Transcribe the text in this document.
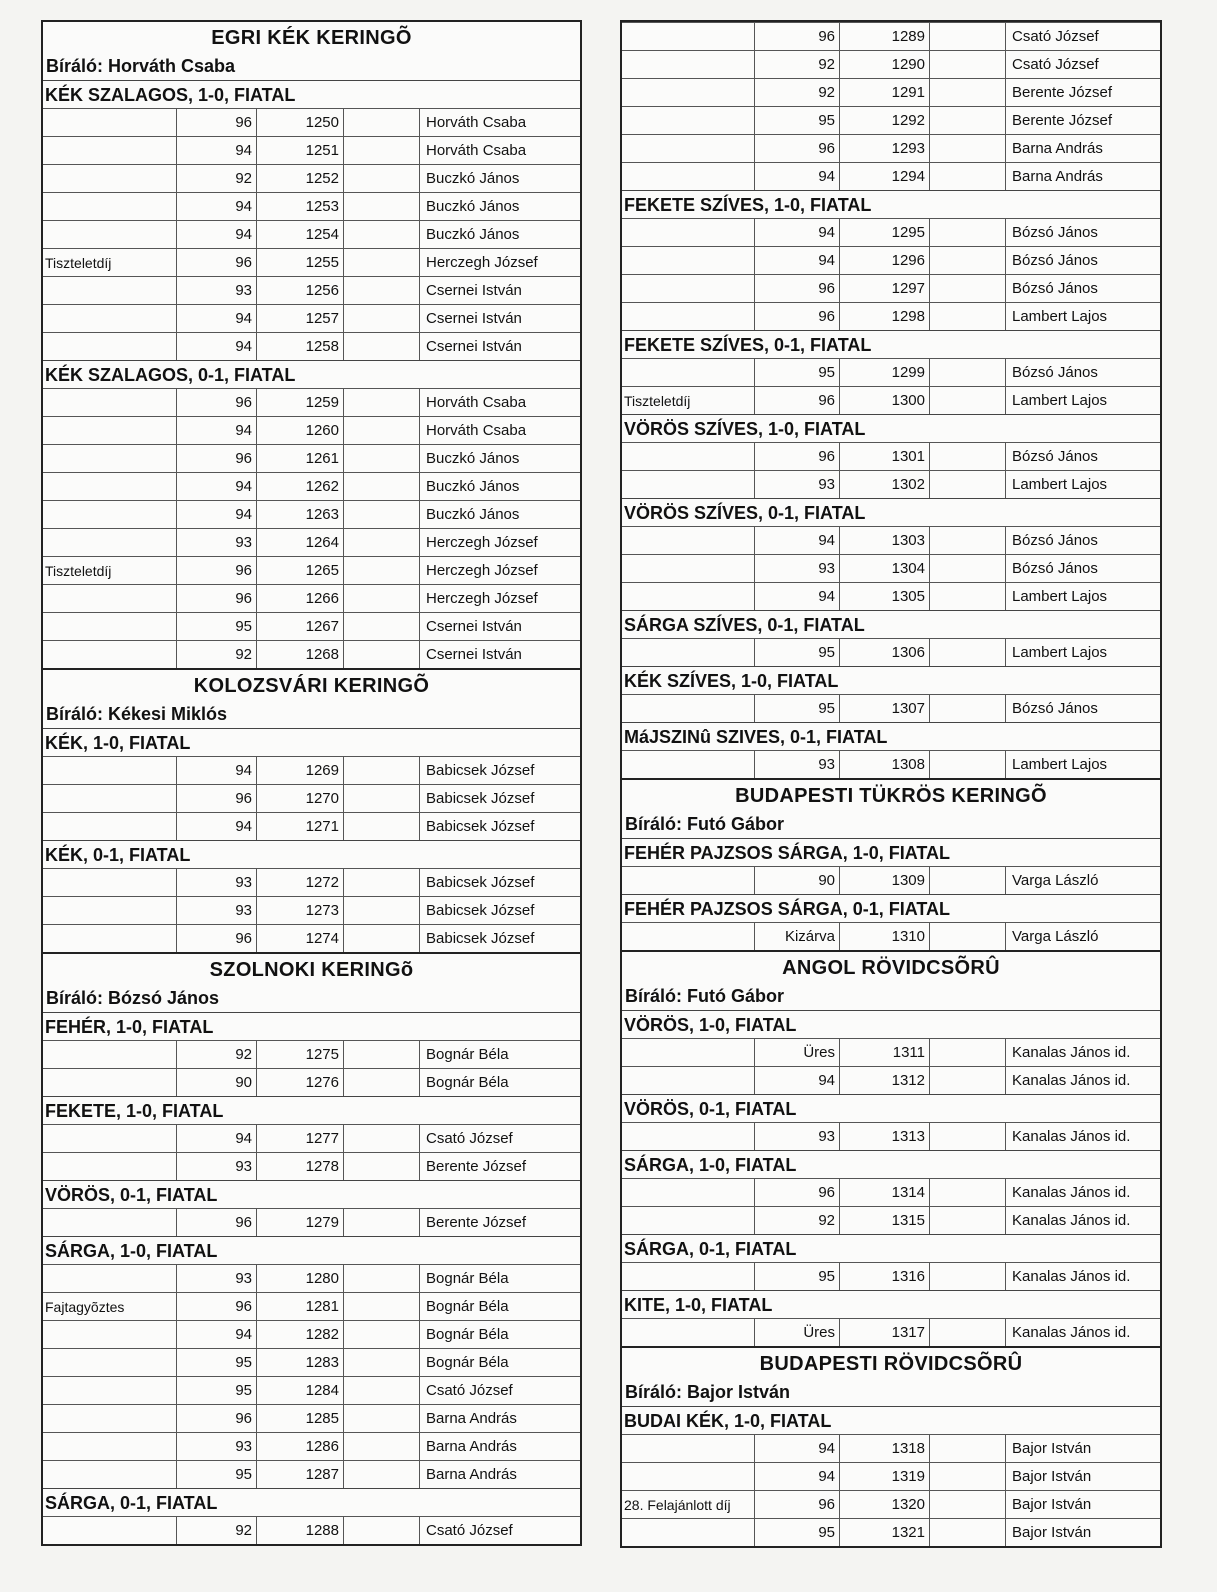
EGRI KÉK KERINGÕ
Bíráló: Horváth Csaba
KÉK SZALAGOS, 1-0, FIATAL
96	1250	Horváth Csaba
94	1251	Horváth Csaba
92	1252	Buczkó János
94	1253	Buczkó János
94	1254	Buczkó János
Tiszteletdíj	96	1255	Herczegh József
93	1256	Csernei István
94	1257	Csernei István
94	1258	Csernei István
KÉK SZALAGOS, 0-1, FIATAL
96	1259	Horváth Csaba
94	1260	Horváth Csaba
96	1261	Buczkó János
94	1262	Buczkó János
94	1263	Buczkó János
93	1264	Herczegh József
Tiszteletdíj	96	1265	Herczegh József
96	1266	Herczegh József
95	1267	Csernei István
92	1268	Csernei István
KOLOZSVÁRI KERINGÕ
Bíráló: Kékesi Miklós
KÉK, 1-0, FIATAL
94	1269	Babicsek József
96	1270	Babicsek József
94	1271	Babicsek József
KÉK, 0-1, FIATAL
93	1272	Babicsek József
93	1273	Babicsek József
96	1274	Babicsek József
SZOLNOKI KERINGõ
Bíráló: Bózsó János
FEHÉR, 1-0, FIATAL
92	1275	Bognár Béla
90	1276	Bognár Béla
FEKETE, 1-0, FIATAL
94	1277	Csató József
93	1278	Berente József
VÖRÖS, 0-1, FIATAL
96	1279	Berente József
SÁRGA, 1-0, FIATAL
93	1280	Bognár Béla
Fajtagyõztes	96	1281	Bognár Béla
94	1282	Bognár Béla
95	1283	Bognár Béla
95	1284	Csató József
96	1285	Barna András
93	1286	Barna András
95	1287	Barna András
SÁRGA, 0-1, FIATAL
92	1288	Csató József
96	1289	Csató József
92	1290	Csató József
92	1291	Berente József
95	1292	Berente József
96	1293	Barna András
94	1294	Barna András
FEKETE SZÍVES, 1-0, FIATAL
94	1295	Bózsó János
94	1296	Bózsó János
96	1297	Bózsó János
96	1298	Lambert Lajos
FEKETE SZÍVES, 0-1, FIATAL
95	1299	Bózsó János
Tiszteletdíj	96	1300	Lambert Lajos
VÖRÖS SZÍVES, 1-0, FIATAL
96	1301	Bózsó János
93	1302	Lambert Lajos
VÖRÖS SZÍVES, 0-1, FIATAL
94	1303	Bózsó János
93	1304	Bózsó János
94	1305	Lambert Lajos
SÁRGA SZÍVES, 0-1, FIATAL
95	1306	Lambert Lajos
KÉK SZÍVES, 1-0, FIATAL
95	1307	Bózsó János
MáJSZINû SZIVES, 0-1, FIATAL
93	1308	Lambert Lajos
BUDAPESTI TÜKRÖS KERINGÕ
Bíráló: Futó Gábor
FEHÉR PAJZSOS SÁRGA, 1-0, FIATAL
90	1309	Varga László
FEHÉR PAJZSOS SÁRGA, 0-1, FIATAL
Kizárva	1310	Varga László
ANGOL RÖVIDCSÕRÛ
Bíráló: Futó Gábor
VÖRÖS, 1-0, FIATAL
Üres	1311	Kanalas János id.
94	1312	Kanalas János id.
VÖRÖS, 0-1, FIATAL
93	1313	Kanalas János id.
SÁRGA, 1-0, FIATAL
96	1314	Kanalas János id.
92	1315	Kanalas János id.
SÁRGA, 0-1, FIATAL
95	1316	Kanalas János id.
KITE, 1-0, FIATAL
Üres	1317	Kanalas János id.
BUDAPESTI RÖVIDCSÕRÛ
Bíráló: Bajor István
BUDAI KÉK, 1-0, FIATAL
94	1318	Bajor István
94	1319	Bajor István
28. Felajánlott díj	96	1320	Bajor István
95	1321	Bajor István
